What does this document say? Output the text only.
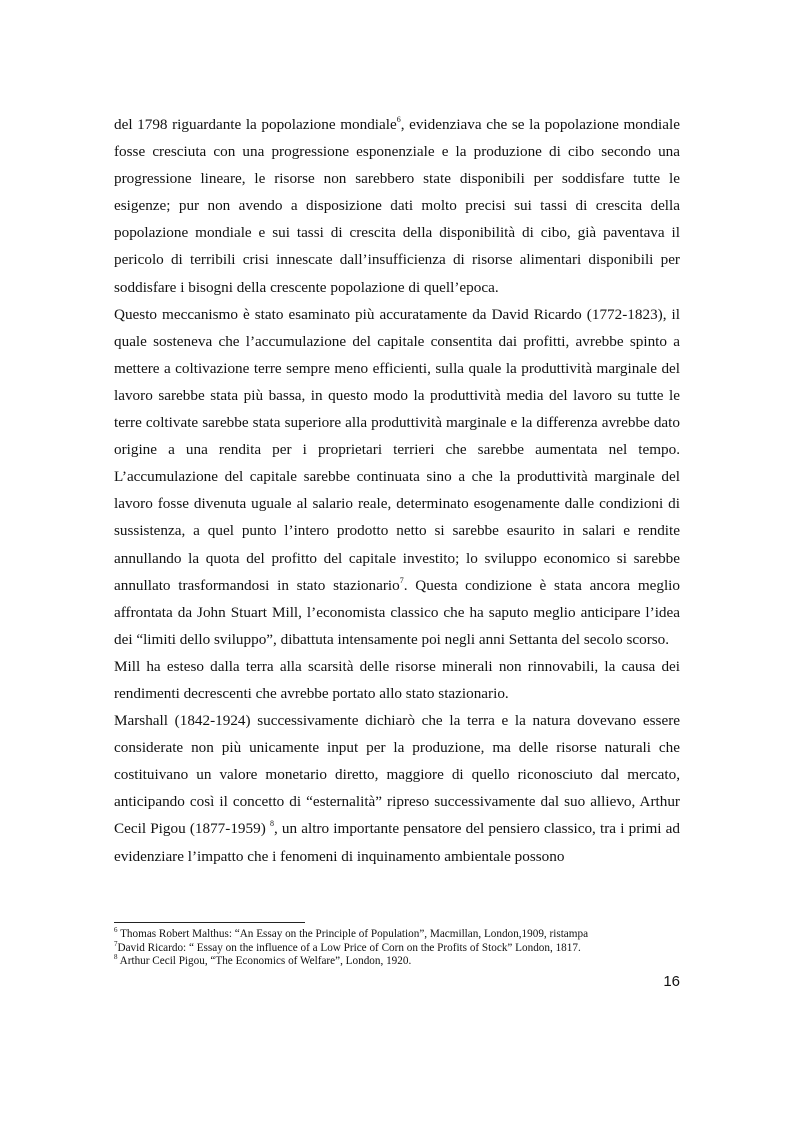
del 1798 riguardante la popolazione mondiale$^6$, evidenziava che se la popolazione mondiale fosse cresciuta con una progressione esponenziale e la produzione di cibo secondo una progressione lineare, le risorse non sarebbero state disponibili per soddisfare tutte le esigenze; pur non avendo a disposizione dati molto precisi sui tassi di crescita della popolazione mondiale e sui tassi di crescita della disponibilità di cibo, già paventava il pericolo di terribili crisi innescate dall’insufficienza di risorse alimentari disponibili per soddisfare i bisogni della crescente popolazione di quell’epoca.

Questo meccanismo è stato esaminato più accuratamente da David Ricardo (1772-1823), il quale sosteneva che l’accumulazione del capitale consentita dai profitti, avrebbe spinto a mettere a coltivazione terre sempre meno efficienti, sulla quale la produttività marginale del lavoro sarebbe stata più bassa, in questo modo la produttività media del lavoro su tutte le terre coltivate sarebbe stata superiore alla produttività marginale e la differenza avrebbe dato origine a una rendita per i proprietari terrieri che sarebbe aumentata nel tempo. L’accumulazione del capitale sarebbe continuata sino a che la produttività marginale del lavoro fosse divenuta uguale al salario reale, determinato esogenamente dalle condizioni di sussistenza, a quel punto l’intero prodotto netto si sarebbe esaurito in salari e rendite annullando la quota del profitto del capitale investito; lo sviluppo economico si sarebbe annullato trasformandosi in stato stazionario$^7$. Questa condizione è stata ancora meglio affrontata da John Stuart Mill, l’economista classico che ha saputo meglio anticipare l’idea dei “limiti dello sviluppo”, dibattuta intensamente poi negli anni Settanta del secolo scorso.

Mill ha esteso dalla terra alla scarsità delle risorse minerali non rinnovabili, la causa dei rendimenti decrescenti che avrebbe portato allo stato stazionario.

Marshall (1842-1924) successivamente dichiarò che la terra e la natura dovevano essere considerate non più unicamente input per la produzione, ma delle risorse naturali che costituivano un valore monetario diretto, maggiore di quello riconosciuto dal mercato, anticipando così il concetto di “esternalità” ripreso successivamente dal suo allievo, Arthur Cecil Pigou (1877-1959) $^8$, un altro importante pensatore del pensiero classico, tra i primi ad evidenziare l’impatto che i fenomeni di inquinamento ambientale possono

$^6$ Thomas Robert Malthus: “An Essay on the Principle of Population”, Macmillan, London,1909, ristampa
$^7$David Ricardo: “ Essay on the influence of a Low Price of Corn on the Profits of Stock” London, 1817.
$^8$ Arthur Cecil Pigou, “The Economics of Welfare”, London, 1920.
16
